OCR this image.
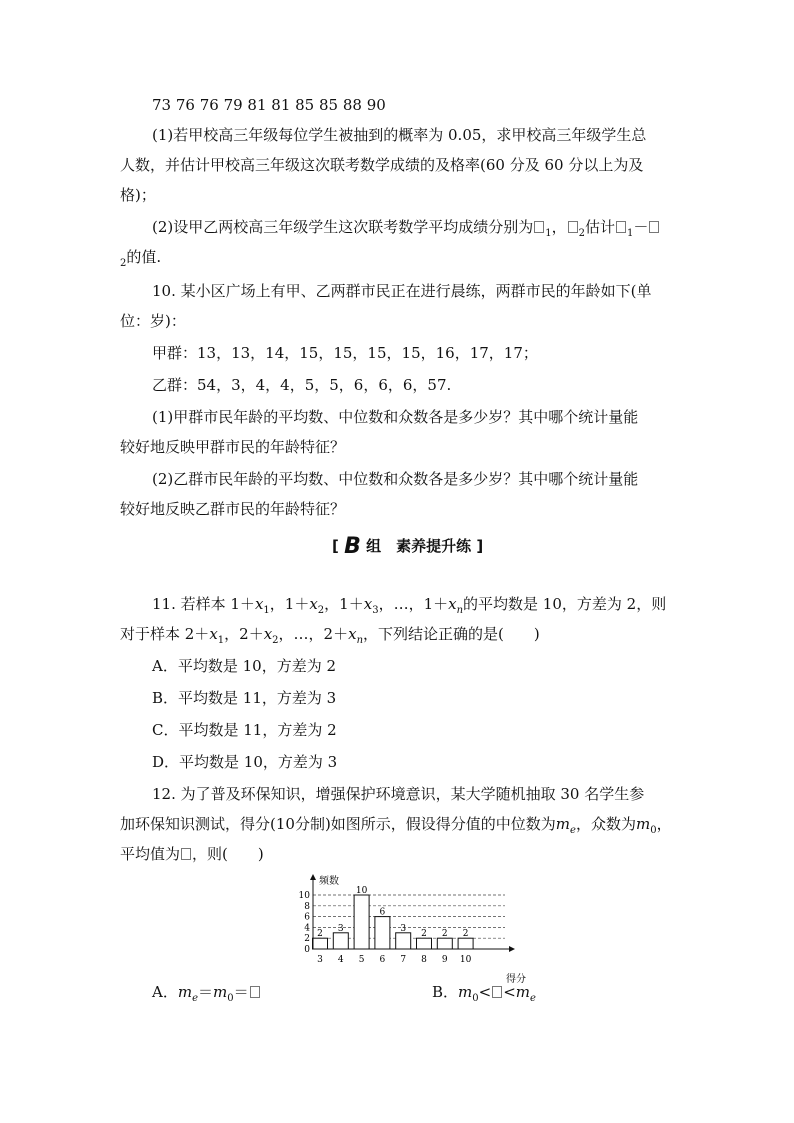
73 76 76 79 81 81 85 85 88 90
(1)若甲校高三年级每位学生被抽到的概率为 0.05，求甲校高三年级学生总
人数，并估计甲校高三年级这次联考数学成绩的及格率(60 分及 60 分以上为及
格)；
(2)设甲乙两校高三年级学生这次联考数学平均成绩分别为 $_1$， $_2$估计 $_1$－
$_2$的值.
10. 某小区广场上有甲、乙两群市民正在进行晨练，两群市民的年龄如下(单
位：岁)：
甲群：13，13，14，15，15，15，15，16，17，17；
乙群：54，3，4，4，5，5，6，6，6，57.
(1)甲群市民年龄的平均数、中位数和众数各是多少岁？其中哪个统计量能
较好地反映甲群市民的年龄特征？
(2)乙群市民年龄的平均数、中位数和众数各是多少岁？其中哪个统计量能
较好地反映乙群市民的年龄特征？
[ B 组　素养提升练 ]
11. 若样本 $1+x_1$，$1+x_2$，$1+x_3$，…，$1+x_n$的平均数是 10，方差为 2，则
对于样本 $2+x_1$，$2+x_2$，…，$2+x_n$，下列结论正确的是(　　)
A．平均数是 10，方差为 2
B．平均数是 11，方差为 3
C．平均数是 11，方差为 2
D．平均数是 10，方差为 3
12. 为了普及环保知识，增强保护环境意识，某大学随机抽取 30 名学生参
加环保知识测试，得分(10分制)如图所示，假设得分值的中位数为$m_e$，众数为$m_0$，
平均值为 ，则(　　)
2
3
10
6
3
2 2 2
0
2
4
6
8
10
3 4 5 6 7 8 9 10
频数
得分
A．$m_e=m_0=$	B．$m_0< <m_e$
